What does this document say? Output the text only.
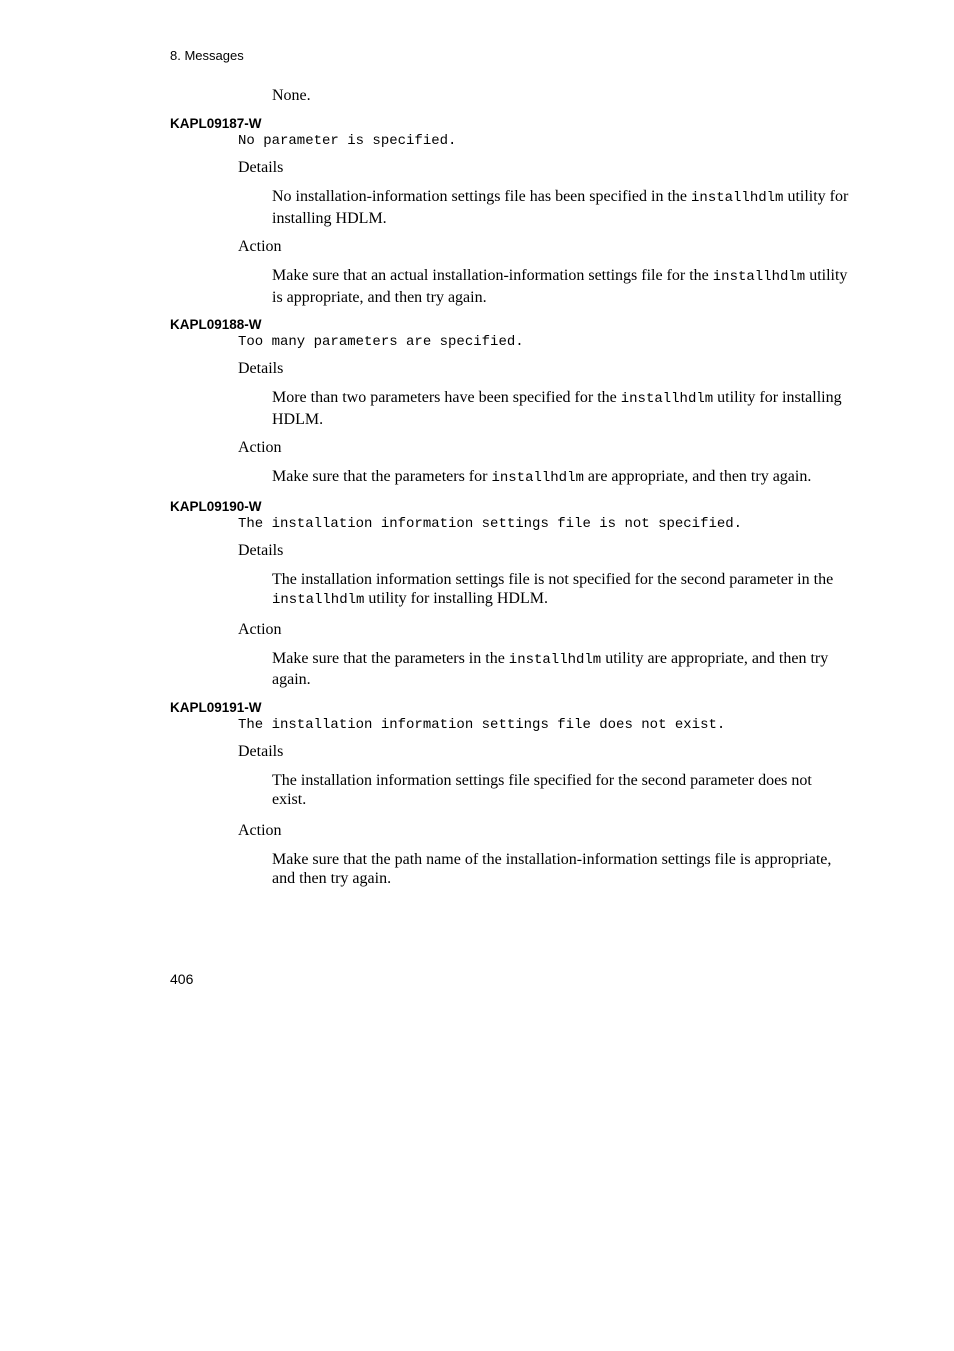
8. Messages
None.

KAPL09187-W

No parameter is specified.

Details

No installation-information settings file has been specified in the installhdlm utility for installing HDLM.

Action

Make sure that an actual installation-information settings file for the installhdlm utility is appropriate, and then try again.

KAPL09188-W

Too many parameters are specified.

Details

More than two parameters have been specified for the installhdlm utility for installing HDLM.

Action

Make sure that the parameters for installhdlm are appropriate, and then try again.

KAPL09190-W

The installation information settings file is not specified.

Details

The installation information settings file is not specified for the second parameter in the installhdlm utility for installing HDLM.

Action

Make sure that the parameters in the installhdlm utility are appropriate, and then try again.

KAPL09191-W

The installation information settings file does not exist.

Details

The installation information settings file specified for the second parameter does not exist.

Action

Make sure that the path name of the installation-information settings file is appropriate, and then try again.

406
